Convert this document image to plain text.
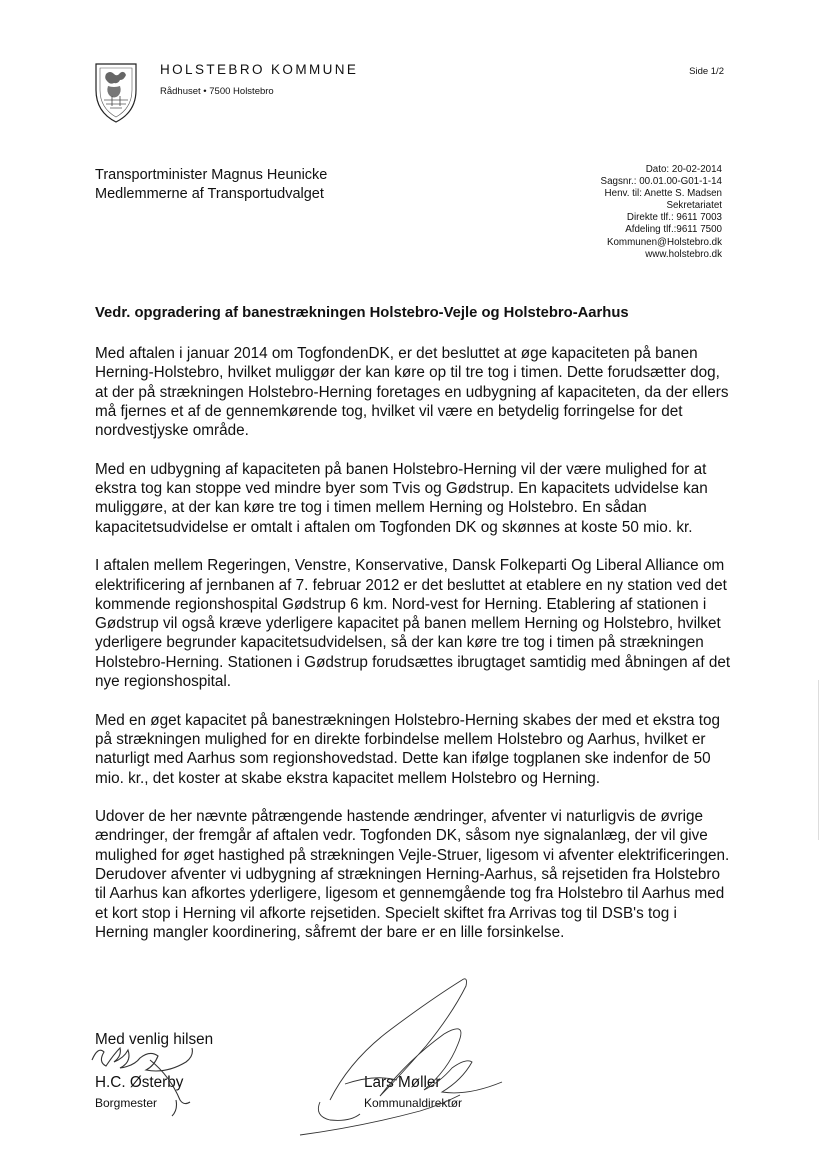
HOLSTEBRO KOMMUNE
Rådhuset • 7500 Holstebro
Side 1/2
Transportminister Magnus Heunicke
Medlemmerne af Transportudvalget
Dato: 20-02-2014
Sagsnr.: 00.01.00-G01-1-14
Henv. til: Anette S. Madsen
Sekretariatet
Direkte tlf.: 9611 7003
Afdeling tlf.:9611 7500
Kommunen@Holstebro.dk
www.holstebro.dk
Vedr. opgradering af banestrækningen Holstebro-Vejle og Holstebro-Aarhus

Med aftalen i januar 2014 om TogfondenDK, er det besluttet at øge kapaciteten på banen Herning-Holstebro, hvilket muliggør der kan køre op til tre tog i timen. Dette forudsætter dog, at der på strækningen Holstebro-Herning foretages en udbygning af kapaciteten, da der ellers må fjernes et af de gennemkørende tog, hvilket vil være en betydelig forringelse for det nordvestjyske område.

Med en udbygning af kapaciteten på banen Holstebro-Herning vil der være mulighed for at ekstra tog kan stoppe ved mindre byer som Tvis og Gødstrup. En kapacitets udvidelse kan muliggøre, at der kan køre tre tog i timen mellem Herning og Holstebro. En sådan kapacitetsudvidelse er omtalt i aftalen om Togfonden DK og skønnes at koste 50 mio. kr.

I aftalen mellem Regeringen, Venstre, Konservative, Dansk Folkeparti Og Liberal Alliance om elektrificering af jernbanen af 7. februar 2012 er det besluttet at etablere en ny station ved det kommende regionshospital Gødstrup 6 km. Nord-vest for Herning. Etablering af stationen i Gødstrup vil også kræve yderligere kapacitet på banen mellem Herning og Holstebro, hvilket yderligere begrunder kapacitetsudvidelsen, så der kan køre tre tog i timen på strækningen Holstebro-Herning. Stationen i Gødstrup forudsættes ibrugtaget samtidig med åbningen af det nye regionshospital.

Med en øget kapacitet på banestrækningen Holstebro-Herning skabes der med et ekstra tog på strækningen mulighed for en direkte forbindelse mellem Holstebro og Aarhus, hvilket er naturligt med Aarhus som regionshovedstad. Dette kan ifølge togplanen ske indenfor de 50 mio. kr., det koster at skabe ekstra kapacitet mellem Holstebro og Herning.

Udover de her nævnte påtrængende hastende ændringer, afventer vi naturligvis de øvrige ændringer, der fremgår af aftalen vedr. Togfonden DK, såsom nye signalanlæg, der vil give mulighed for øget hastighed på strækningen Vejle-Struer, ligesom vi afventer elektrificeringen. Derudover afventer vi udbygning af strækningen Herning-Aarhus, så rejsetiden fra Holstebro til Aarhus kan afkortes yderligere, ligesom et gennemgående tog fra Holstebro til Aarhus med et kort stop i Herning vil afkorte rejsetiden. Specielt skiftet fra Arrivas tog til DSB's tog i Herning mangler koordinering, såfremt der bare er en lille forsinkelse.

Med venlig hilsen
H.C. Østerby
Borgmester
Lars Møller
Kommunaldirektør
